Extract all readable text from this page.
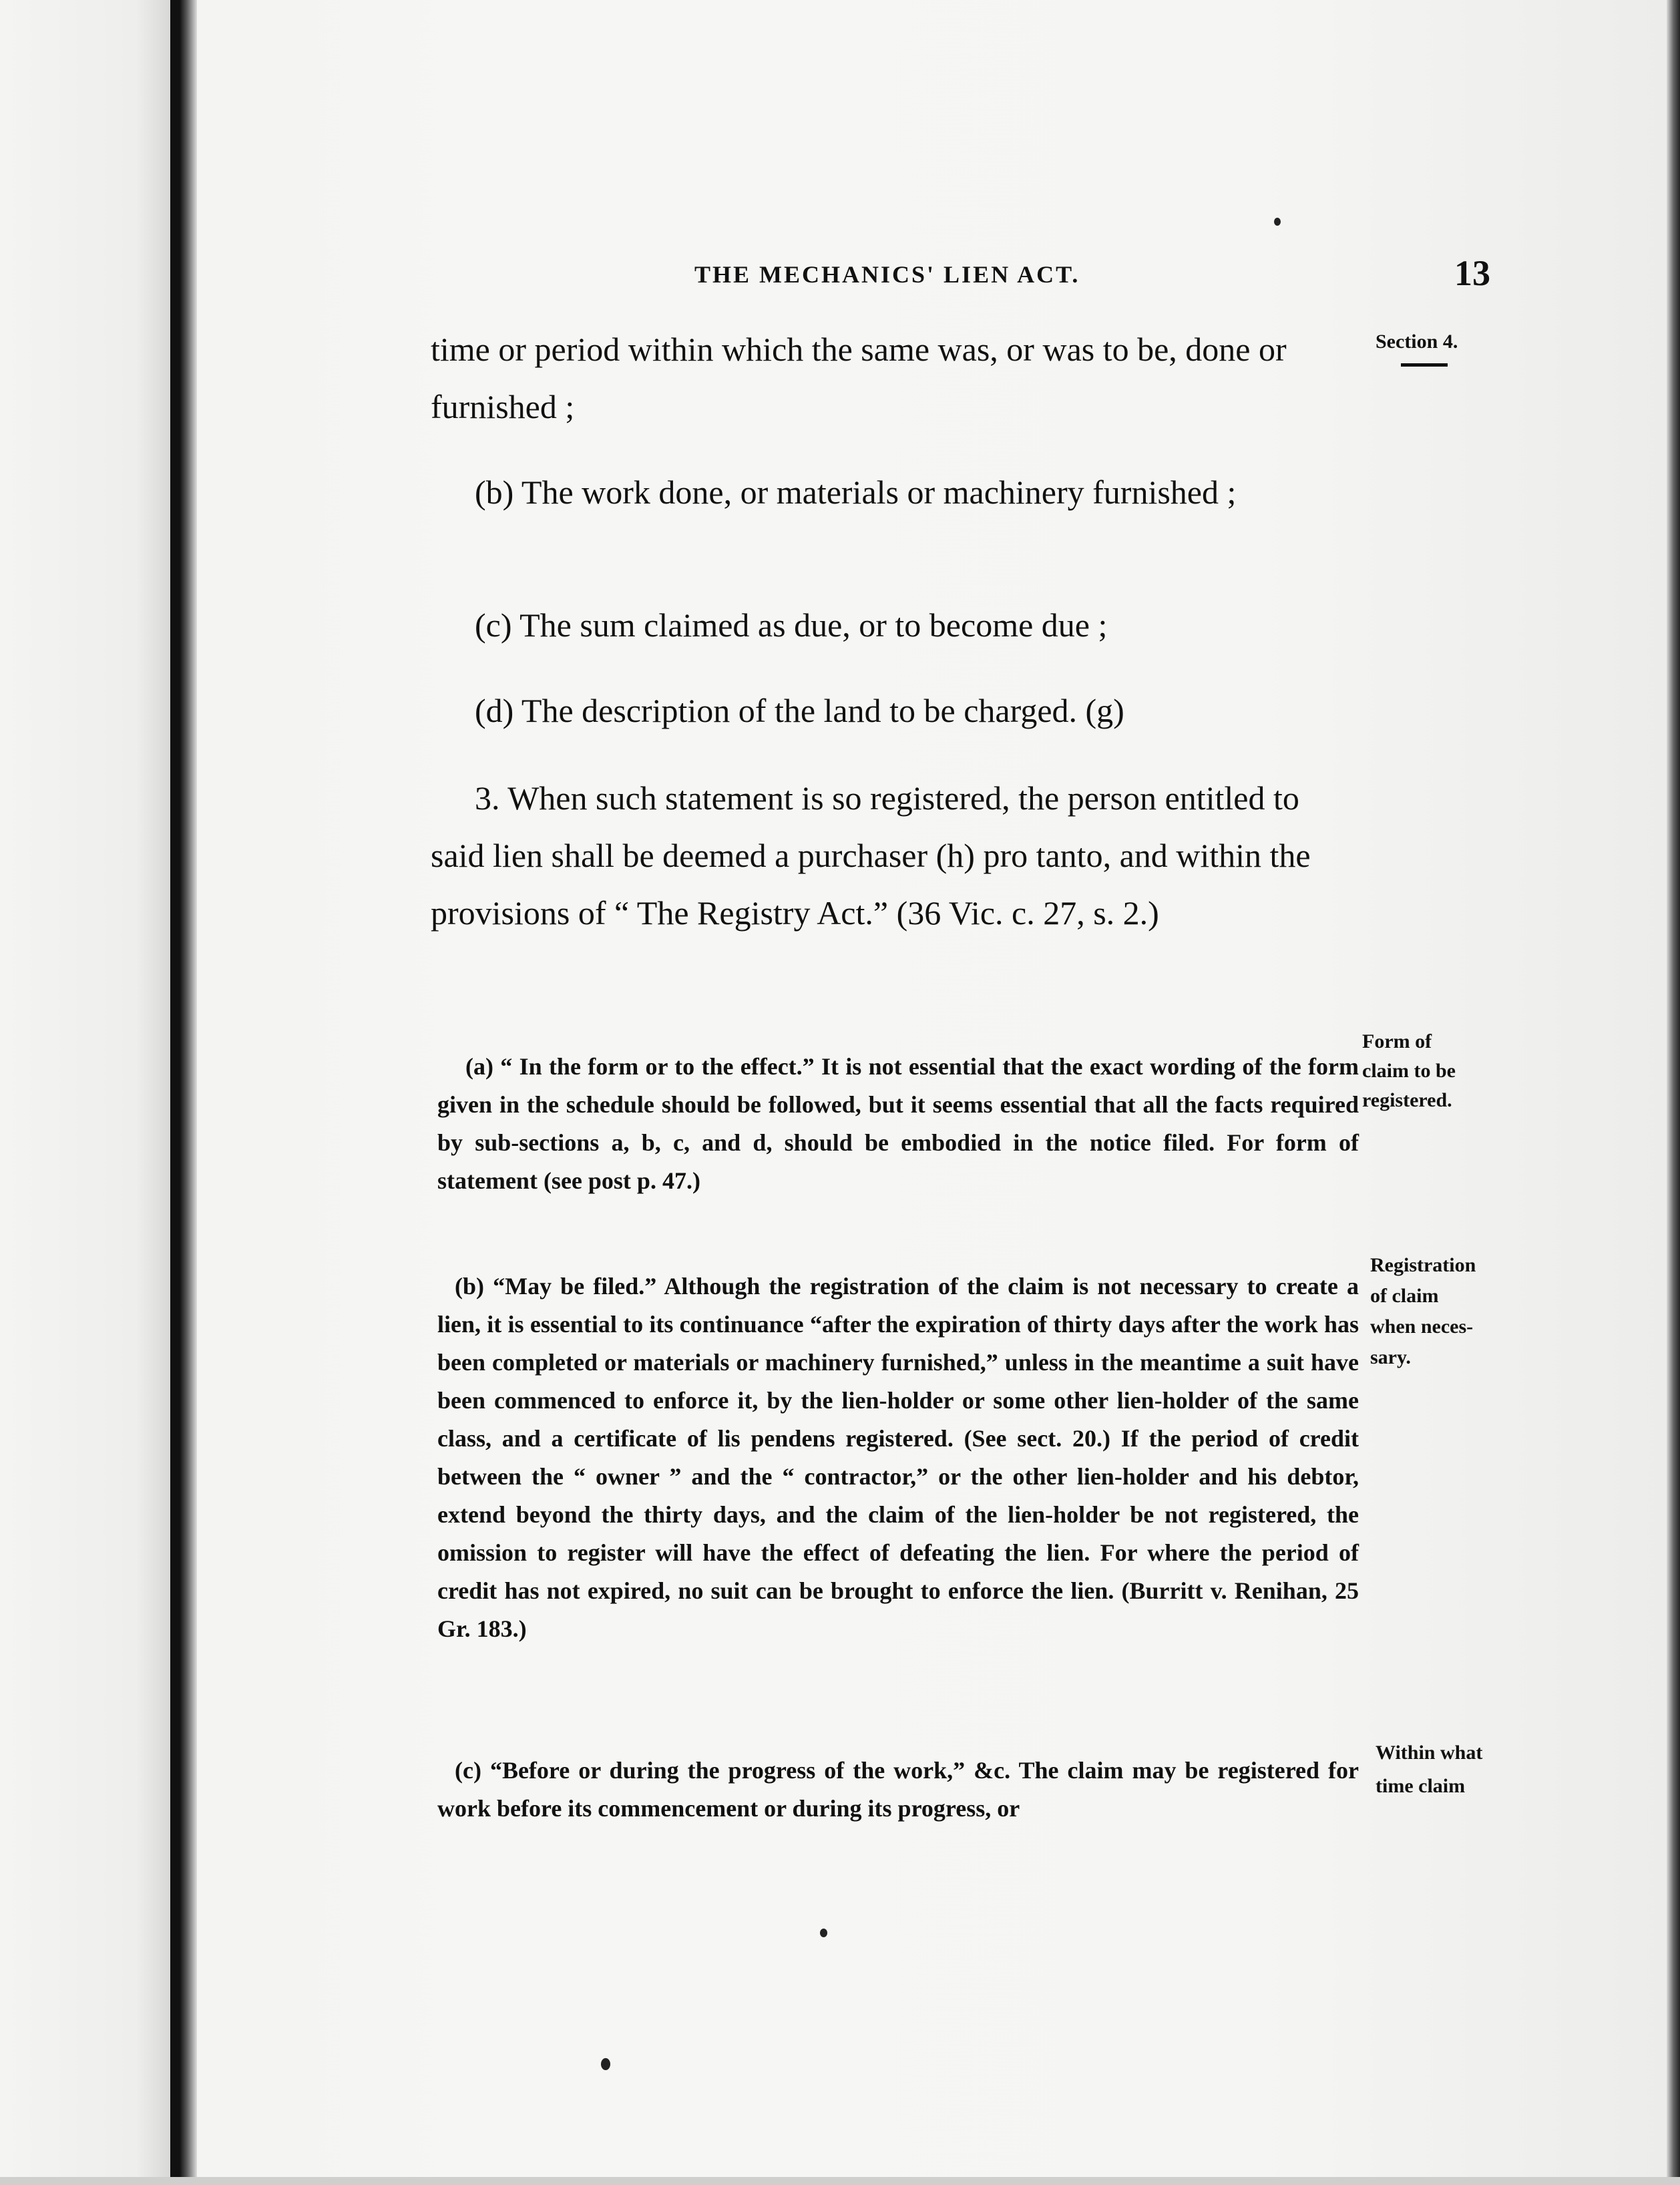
THE MECHANICS' LIEN ACT.	13
Section 4.
Form of
claim to be
registered.
Registration
of claim
when neces-
sary.
Within what
time claim

time or period within which the same was, or was to be, done or furnished ;

(b) The work done, or materials or machinery furnished ;

(c) The sum claimed as due, or to become due ;

(d) The description of the land to be charged. (g)

3. When such statement is so registered, the person entitled to said lien shall be deemed a purchaser (h) pro tanto, and within the provisions of “ The Registry Act.” (36 Vic. c. 27, s. 2.)

(a) “ In the form or to the effect.” It is not essential that the exact wording of the form given in the schedule should be followed, but it seems essential that all the facts required by sub-sections a, b, c, and d, should be embodied in the notice filed. For form of statement (see post p. 47.)

(b) “May be filed.” Although the registration of the claim is not necessary to create a lien, it is essential to its continuance “after the expiration of thirty days after the work has been completed or materials or machinery furnished,” unless in the meantime a suit have been commenced to enforce it, by the lien-holder or some other lien-holder of the same class, and a certificate of lis pendens registered. (See sect. 20.) If the period of credit between the “ owner ” and the “ contractor,” or the other lien-holder and his debtor, extend beyond the thirty days, and the claim of the lien-holder be not registered, the omission to register will have the effect of defeating the lien. For where the period of credit has not expired, no suit can be brought to enforce the lien. (Burritt v. Renihan, 25 Gr. 183.)

(c) “Before or during the progress of the work,” &c. The claim may be registered for work before its commencement or during its progress, or
